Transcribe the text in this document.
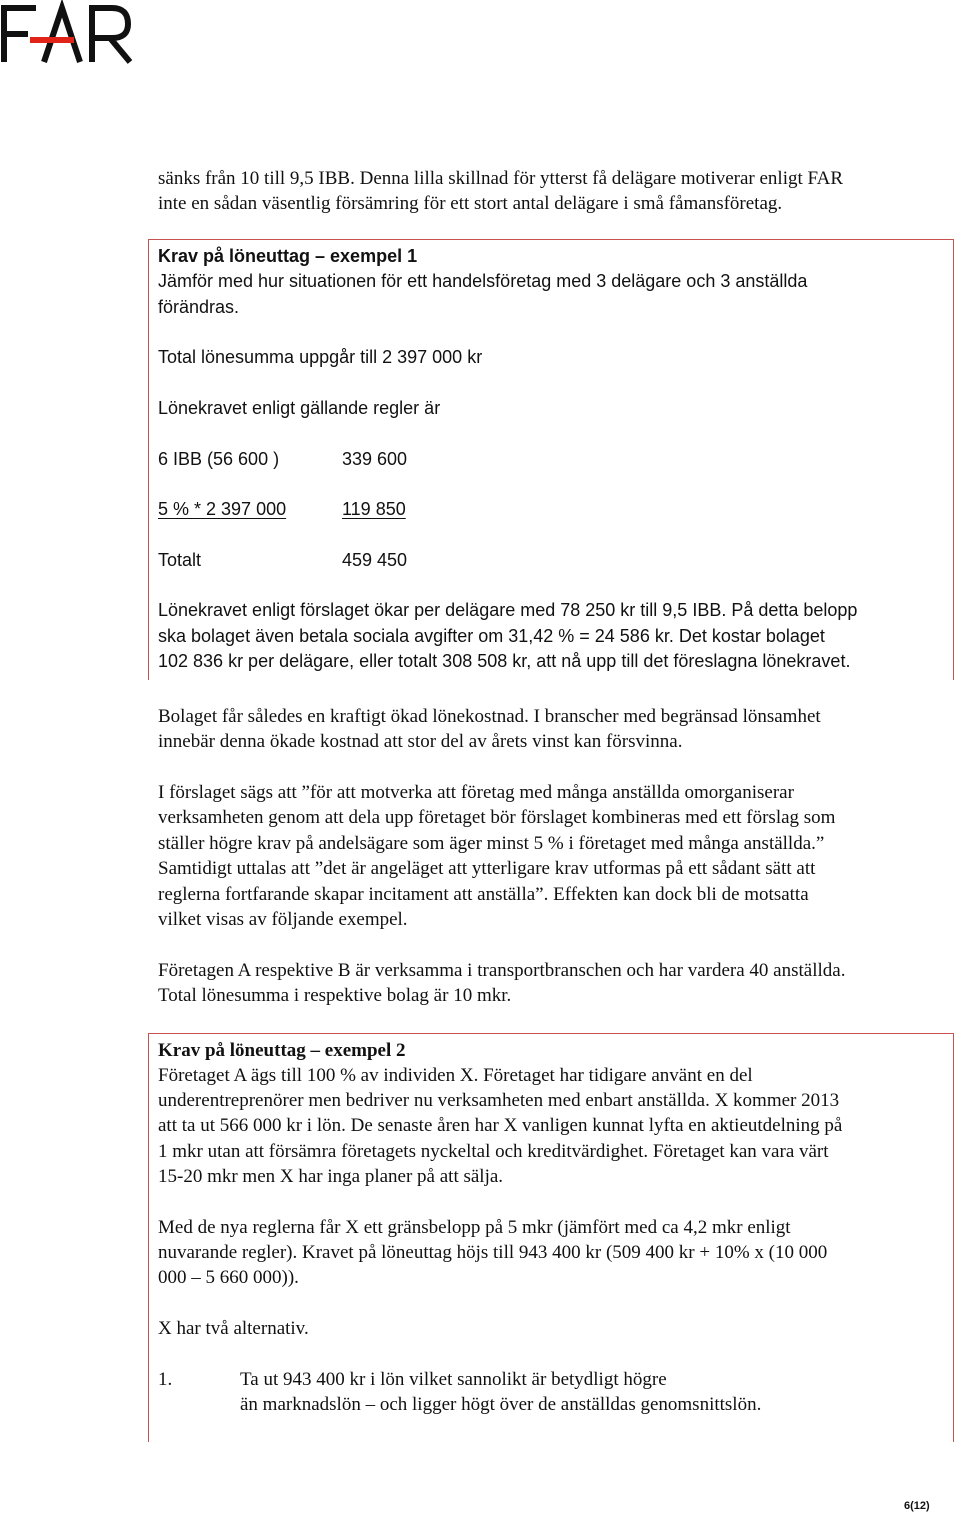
sänks från 10 till 9,5 IBB. Denna lilla skillnad för ytterst få delägare motiverar enligt FAR

inte en sådan väsentlig försämring för ett stort antal delägare i små fåmansföretag.

Krav på löneuttag – exempel 1

Jämför med hur situationen för ett handelsföretag med 3 delägare och 3 anställda

förändras.

Total lönesumma uppgår till 2 397 000 kr

Lönekravet enligt gällande regler är

6 IBB (56 600 )	339 600
5 % * 2 397 000	119 850
Totalt	459 450

Lönekravet enligt förslaget ökar per delägare med 78 250 kr till 9,5 IBB. På detta belopp

ska bolaget även betala sociala avgifter om 31,42 % = 24 586 kr. Det kostar bolaget

102 836 kr per delägare, eller totalt 308 508 kr, att nå upp till det föreslagna lönekravet.

Bolaget får således en kraftigt ökad lönekostnad. I branscher med begränsad lönsamhet

innebär denna ökade kostnad att stor del av årets vinst kan försvinna.

I förslaget sägs att ”för att motverka att företag med många anställda omorganiserar

verksamheten genom att dela upp företaget bör förslaget kombineras med ett förslag som

ställer högre krav på andelsägare som äger minst 5 % i företaget med många anställda.”

Samtidigt uttalas att ”det är angeläget att ytterligare krav utformas på ett sådant sätt att

reglerna fortfarande skapar incitament att anställa”. Effekten kan dock bli de motsatta

vilket visas av följande exempel.

Företagen A respektive B är verksamma i transportbranschen och har vardera 40 anställda.

Total lönesumma i respektive bolag är 10 mkr.

Krav på löneuttag – exempel 2

Företaget A ägs till 100 % av individen X. Företaget har tidigare använt en del

underentreprenörer men bedriver nu verksamheten med enbart anställda. X kommer 2013

att ta ut 566 000 kr i lön. De senaste åren har X vanligen kunnat lyfta en aktieutdelning på

1 mkr utan att försämra företagets nyckeltal och kreditvärdighet. Företaget kan vara värt

15-20 mkr men X har inga planer på att sälja.

Med de nya reglerna får X ett gränsbelopp på 5 mkr (jämfört med ca 4,2 mkr enligt

nuvarande regler). Kravet på löneuttag höjs till 943 400 kr (509 400 kr + 10% x (10 000

000 – 5 660 000)).

X har två alternativ.

1.	Ta ut 943 400 kr i lön vilket sannolikt är betydligt högre

än marknadslön – och ligger högt över de anställdas genomsnittslön.

6(12)
